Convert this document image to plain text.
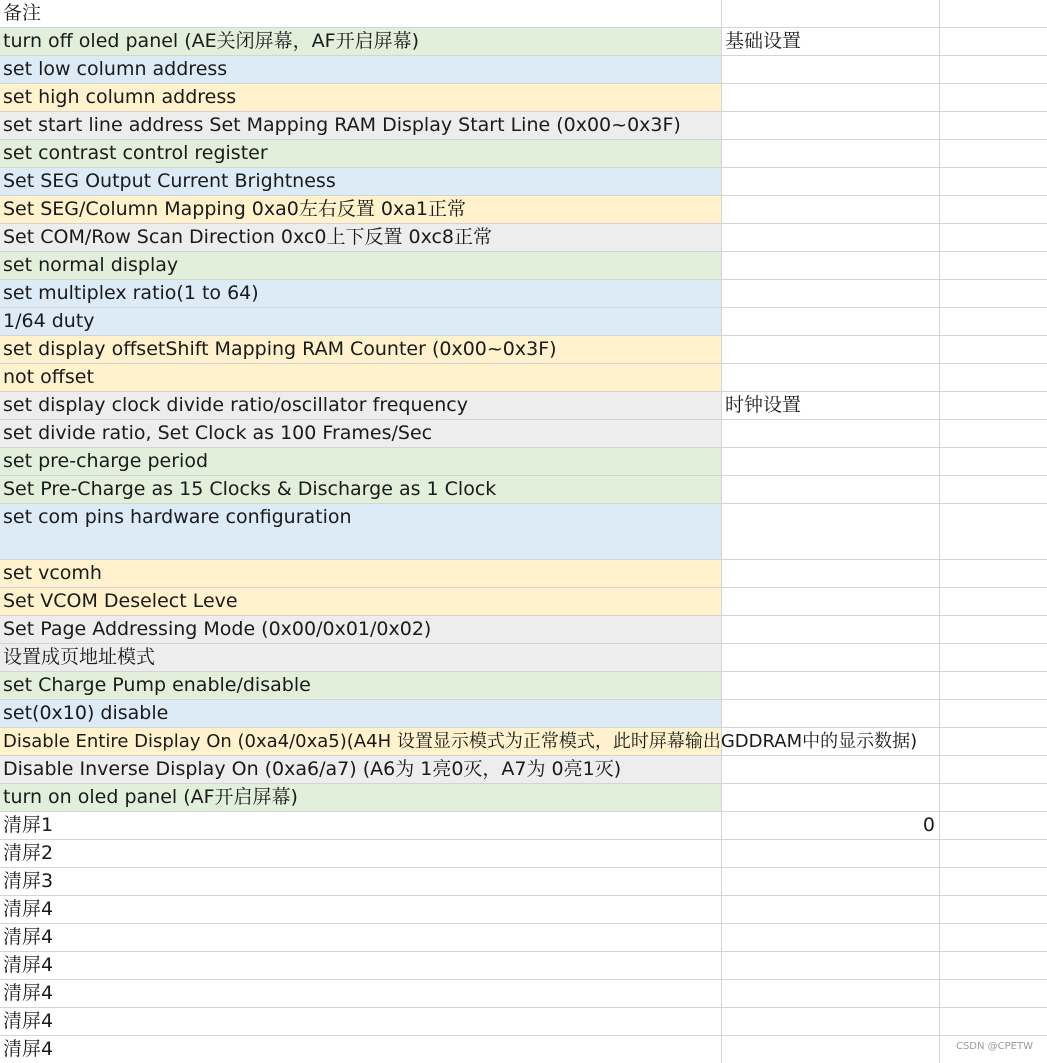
备注
turn off oled panel (AE关闭屏幕，AF开启屏幕)	基础设置
set low column address
set high column address
set start line address Set Mapping RAM Display Start Line (0x00~0x3F)
set contrast control register
Set SEG Output Current Brightness
Set SEG/Column Mapping 0xa0左右反置 0xa1正常
Set COM/Row Scan Direction 0xc0上下反置 0xc8正常
set normal display
set multiplex ratio(1 to 64)
1/64 duty
set display offsetShift Mapping RAM Counter (0x00~0x3F)
not offset
set display clock divide ratio/oscillator frequency	时钟设置
set divide ratio, Set Clock as 100 Frames/Sec
set pre-charge period
Set Pre-Charge as 15 Clocks & Discharge as 1 Clock
set com pins hardware configuration
set vcomh
Set VCOM Deselect Leve
Set Page Addressing Mode (0x00/0x01/0x02)
设置成页地址模式
set Charge Pump enable/disable
set(0x10) disable
Disable Entire Display On (0xa4/0xa5)(A4H 设置显示模式为正常模式，此时屏幕输出GDDRAM中的显示数据)
Disable Inverse Display On (0xa6/a7) (A6为 1亮0灭，A7为 0亮1灭)
turn on oled panel (AF开启屏幕)
清屏1	0
清屏2
清屏3
清屏4
清屏4
清屏4
清屏4
清屏4
清屏4	CSDN @CPETW
